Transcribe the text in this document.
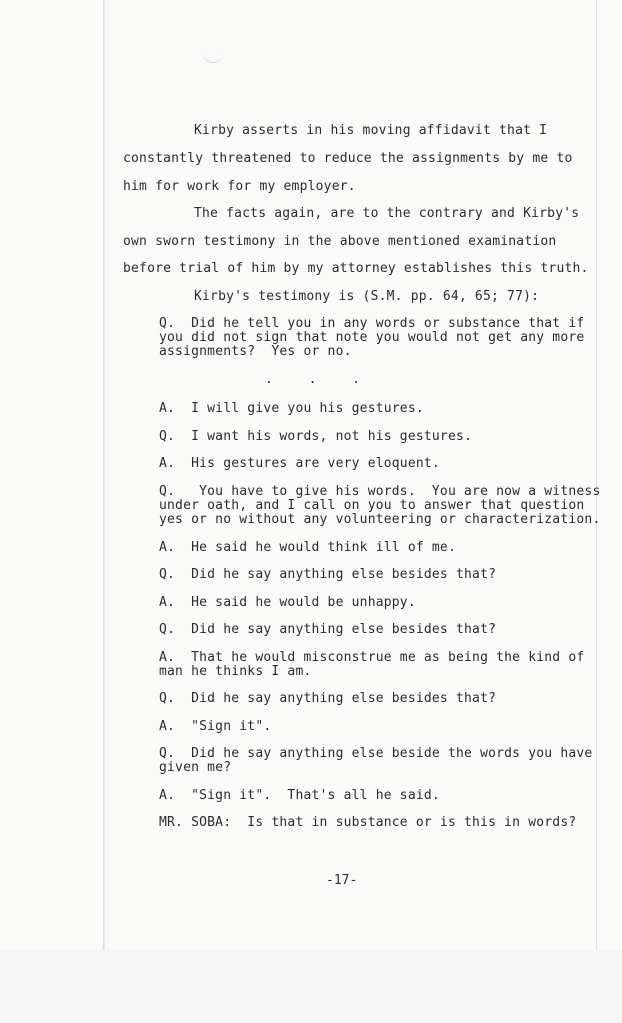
Kirby asserts in his moving affidavit that I
constantly threatened to reduce the assignments by me to
him for work for my employer.
The facts again, are to the contrary and Kirby's
own sworn testimony in the above mentioned examination
before trial of him by my attorney establishes this truth.
Kirby's testimony is (S.M. pp. 64, 65; 77):
Q.  Did he tell you in any words or substance that if
you did not sign that note you would not get any more
assignments?  Yes or no.
. . .
A.  I will give you his gestures.
Q.  I want his words, not his gestures.
A.  His gestures are very eloquent.
Q.   You have to give his words.  You are now a witness
under oath, and I call on you to answer that question
yes or no without any volunteering or characterization.
A.  He said he would think ill of me.
Q.  Did he say anything else besides that?
A.  He said he would be unhappy.
Q.  Did he say anything else besides that?
A.  That he would misconstrue me as being the kind of
man he thinks I am.
Q.  Did he say anything else besides that?
A.  "Sign it".
Q.  Did he say anything else beside the words you have
given me?
A.  "Sign it".  That's all he said.
MR. SOBA:  Is that in substance or is this in words?
-17-
